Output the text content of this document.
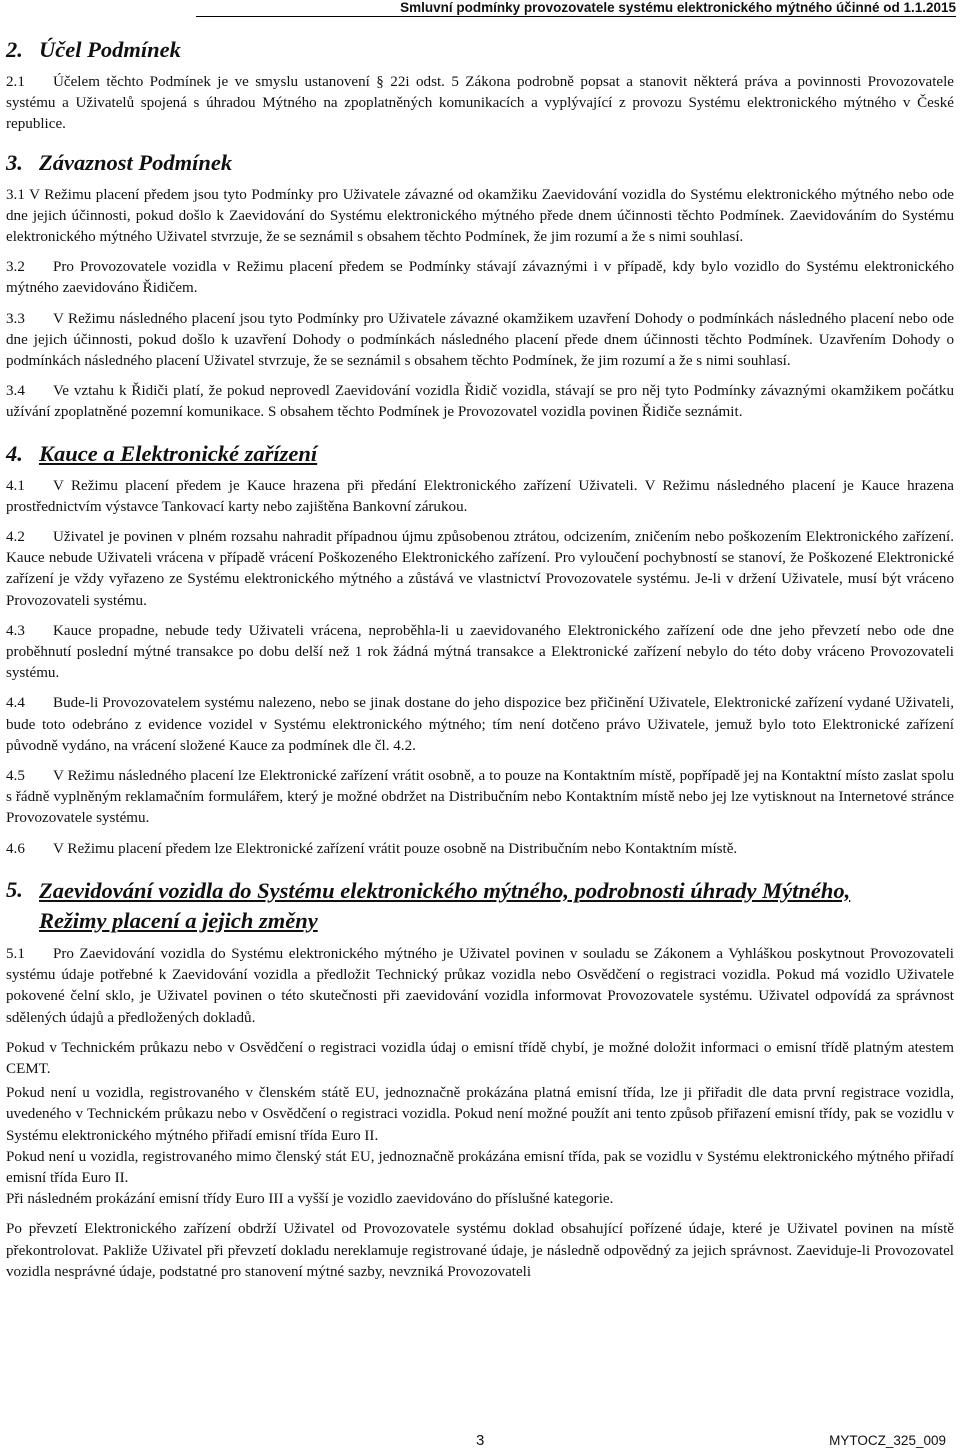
Smluvní podmínky provozovatele systému elektronického mýtného účinné od 1.1.2015
2. Účel Podmínek

2.1 Účelem těchto Podmínek je ve smyslu ustanovení § 22i odst. 5 Zákona podrobně popsat a stanovit některá práva a povinnosti Provozovatele systému a Uživatelů spojená s úhradou Mýtného na zpoplatněných komunikacích a vyplývající z provozu Systému elektronického mýtného v České republice.

3. Závaznost Podmínek

3.1 V Režimu placení předem jsou tyto Podmínky pro Uživatele závazné od okamžiku Zaevidování vozidla do Systému elektronického mýtného nebo ode dne jejich účinnosti, pokud došlo k Zaevidování do Systému elektronického mýtného přede dnem účinnosti těchto Podmínek. Zaevidováním do Systému elektronického mýtného Uživatel stvrzuje, že se seznámil s obsahem těchto Podmínek, že jim rozumí a že s nimi souhlasí.

3.2 Pro Provozovatele vozidla v Režimu placení předem se Podmínky stávají závaznými i v případě, kdy bylo vozidlo do Systému elektronického mýtného zaevidováno Řidičem.

3.3 V Režimu následného placení jsou tyto Podmínky pro Uživatele závazné okamžikem uzavření Dohody o podmínkách následného placení nebo ode dne jejich účinnosti, pokud došlo k uzavření Dohody o podmínkách následného placení přede dnem účinnosti těchto Podmínek. Uzavřením Dohody o podmínkách následného placení Uživatel stvrzuje, že se seznámil s obsahem těchto Podmínek, že jim rozumí a že s nimi souhlasí.

3.4 Ve vztahu k Řidiči platí, že pokud neprovedl Zaevidování vozidla Řidič vozidla, stávají se pro něj tyto Podmínky závaznými okamžikem počátku užívání zpoplatněné pozemní komunikace. S obsahem těchto Podmínek je Provozovatel vozidla povinen Řidiče seznámit.

4. Kauce a Elektronické zařízení

4.1 V Režimu placení předem je Kauce hrazena při předání Elektronického zařízení Uživateli. V Režimu následného placení je Kauce hrazena prostřednictvím výstavce Tankovací karty nebo zajištěna Bankovní zárukou.

4.2 Uživatel je povinen v plném rozsahu nahradit případnou újmu způsobenou ztrátou, odcizením, zničením nebo poškozením Elektronického zařízení. Kauce nebude Uživateli vrácena v případě vrácení Poškozeného Elektronického zařízení. Pro vyloučení pochybností se stanoví, že Poškozené Elektronické zařízení je vždy vyřazeno ze Systému elektronického mýtného a zůstává ve vlastnictví Provozovatele systému. Je-li v držení Uživatele, musí být vráceno Provozovateli systému.

4.3 Kauce propadne, nebude tedy Uživateli vrácena, neproběhla-li u zaevidovaného Elektronického zařízení ode dne jeho převzetí nebo ode dne proběhnutí poslední mýtné transakce po dobu delší než 1 rok žádná mýtná transakce a Elektronické zařízení nebylo do této doby vráceno Provozovateli systému.

4.4 Bude-li Provozovatelem systému nalezeno, nebo se jinak dostane do jeho dispozice bez přičinění Uživatele, Elektronické zařízení vydané Uživateli, bude toto odebráno z evidence vozidel v Systému elektronického mýtného; tím není dotčeno právo Uživatele, jemuž bylo toto Elektronické zařízení původně vydáno, na vrácení složené Kauce za podmínek dle čl. 4.2.

4.5 V Režimu následného placení lze Elektronické zařízení vrátit osobně, a to pouze na Kontaktním místě, popřípadě jej na Kontaktní místo zaslat spolu s řádně vyplněným reklamačním formulářem, který je možné obdržet na Distribučním nebo Kontaktním místě nebo jej lze vytisknout na Internetové stránce Provozovatele systému.

4.6 V Režimu placení předem lze Elektronické zařízení vrátit pouze osobně na Distribučním nebo Kontaktním místě.

5. Zaevidování vozidla do Systému elektronického mýtného, podrobnosti úhrady Mýtného,
Režimy placení a jejich změny

5.1 Pro Zaevidování vozidla do Systému elektronického mýtného je Uživatel povinen v souladu se Zákonem a Vyhláškou poskytnout Provozovateli systému údaje potřebné k Zaevidování vozidla a předložit Technický průkaz vozidla nebo Osvědčení o registraci vozidla. Pokud má vozidlo Uživatele pokovené čelní sklo, je Uživatel povinen o této skutečnosti při zaevidování vozidla informovat Provozovatele systému. Uživatel odpovídá za správnost sdělených údajů a předložených dokladů.

Pokud v Technickém průkazu nebo v Osvědčení o registraci vozidla údaj o emisní třídě chybí, je možné doložit informaci o emisní třídě platným atestem CEMT.

Pokud není u vozidla, registrovaného v členském státě EU, jednoznačně prokázána platná emisní třída, lze ji přiřadit dle data první registrace vozidla, uvedeného v Technickém průkazu nebo v Osvědčení o registraci vozidla. Pokud není možné použít ani tento způsob přiřazení emisní třídy, pak se vozidlu v Systému elektronického mýtného přiřadí emisní třída Euro II.

Pokud není u vozidla, registrovaného mimo členský stát EU, jednoznačně prokázána emisní třída, pak se vozidlu v Systému elektronického mýtného přiřadí emisní třída Euro II.

Při následném prokázání emisní třídy Euro III a vyšší je vozidlo zaevidováno do příslušné kategorie.

Po převzetí Elektronického zařízení obdrží Uživatel od Provozovatele systému doklad obsahující pořízené údaje, které je Uživatel povinen na místě překontrolovat. Pakliže Uživatel při převzetí dokladu nereklamuje registrované údaje, je následně odpovědný za jejich správnost. Zaeviduje-li Provozovatel vozidla nesprávné údaje, podstatné pro stanovení mýtné sazby, nevzniká Provozovateli

3	MYTOCZ_325_009
